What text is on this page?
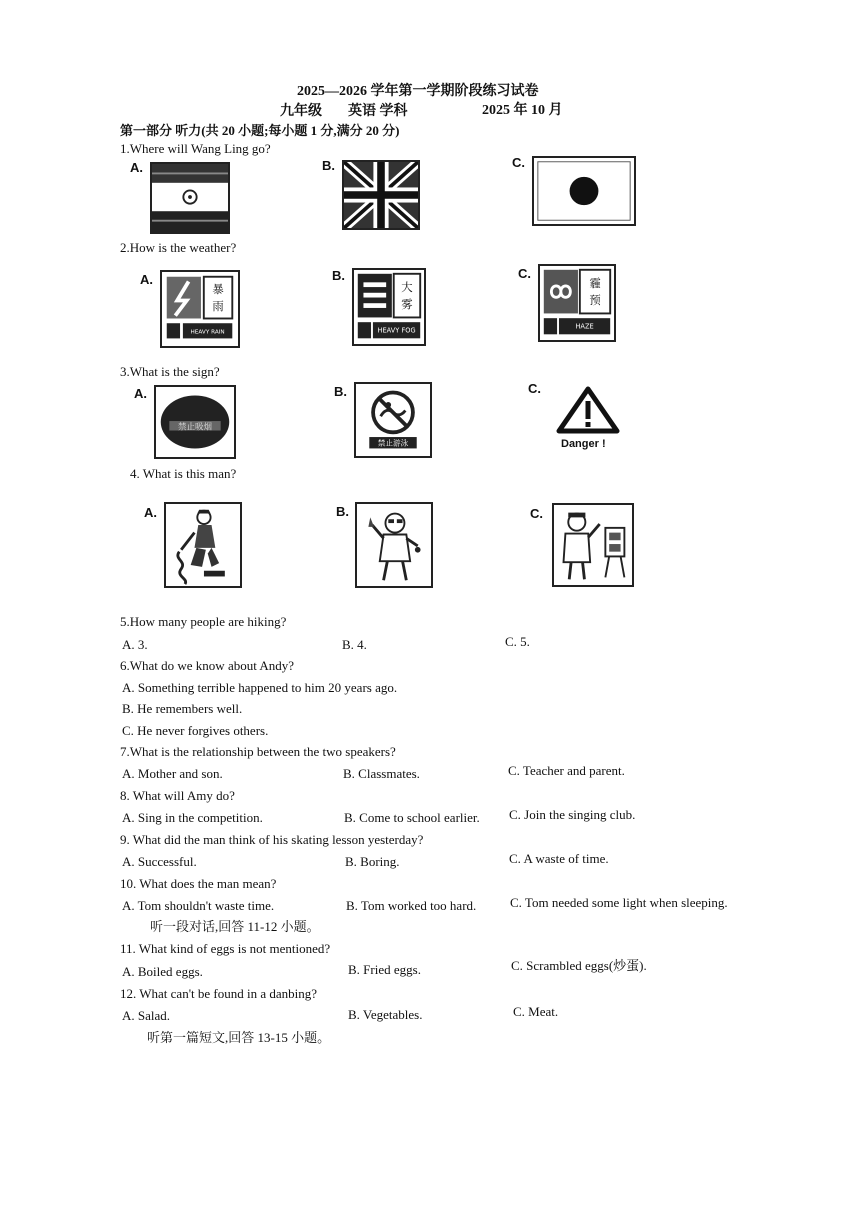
2025—2026 学年第一学期阶段练习试卷
九年级 英语 学科	2025 年 10 月
第一部分 听力(共 20 小题;每小题 1 分,满分 20 分)
1.Where will Wang Ling go?
A.	B.	C.
2.How is the weather?
A.
暴
雨
HEAVY RAIN
B.
大
雾
HEAVY FOG
C.
霾
预
HAZE
3.What is the sign?
A.
禁止吸烟
B.
禁止游泳
C.
Danger !
4. What is this man?
A.	B.	C.
5.How many people are hiking?
A. 3.	B. 4.	C. 5.
6.What do we know about Andy?
A. Something terrible happened to him 20 years ago.
B. He remembers well.
C. He never forgives others.
7.What is the relationship between the two speakers?
A. Mother and son.	B. Classmates.	C. Teacher and parent.
8. What will Amy do?
A. Sing in the competition.	B. Come to school earlier. C. Join the singing club.
9. What did the man think of his skating lesson yesterday?
A. Successful.	B. Boring.	C. A waste of time.
10. What does the man mean?
A. Tom shouldn't waste time.	B. Tom worked too hard.	C. Tom needed some light when sleeping.
听一段对话,回答 11-12 小题。
11. What kind of eggs is not mentioned?
A. Boiled eggs.	B. Fried eggs.	C. Scrambled eggs(炒蛋).
12. What can't be found in a danbing?
A. Salad.	B. Vegetables.	C. Meat.
听第一篇短文,回答 13-15 小题。
